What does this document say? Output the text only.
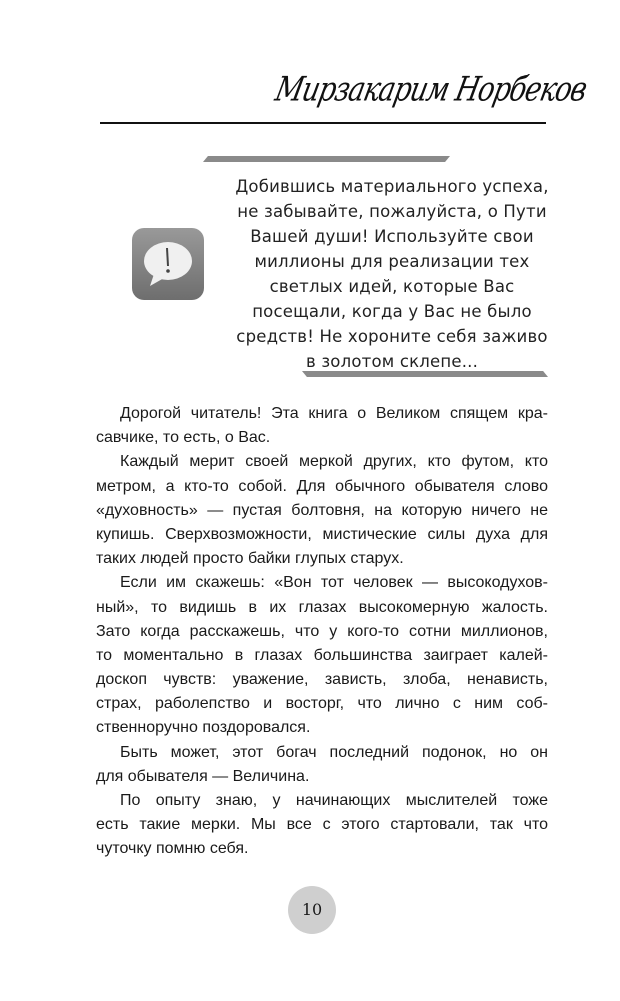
Мирзакарим Норбеков
Добившись материального успеха,
не забывайте, пожалуйста, о Пути
Вашей души! Используйте свои
миллионы для реализации тех
светлых идей, которые Вас
посещали, когда у Вас не было
средств! Не хороните себя заживо
в золотом склепе...
Дорогой читатель! Эта книга о Великом спящем кра-
савчике, то есть, о Вас.
Каждый мерит своей меркой других, кто футом, кто
метром, а кто-то собой. Для обычного обывателя слово
«духовность» — пустая болтовня, на которую ничего не
купишь. Сверхвозможности, мистические силы духа для
таких людей просто байки глупых старух.
Если им скажешь: «Вон тот человек — высокодухов-
ный», то видишь в их глазах высокомерную жалость.
Зато когда расскажешь, что у кого-то сотни миллионов,
то моментально в глазах большинства заиграет калей-
доскоп чувств: уважение, зависть, злоба, ненависть,
страх, раболепство и восторг, что лично с ним соб-
ственноручно поздоровался.
Быть может, этот богач последний подонок, но он
для обывателя — Величина.
По опыту знаю, у начинающих мыслителей тоже
есть такие мерки. Мы все с этого стартовали, так что
чуточку помню себя.
10
